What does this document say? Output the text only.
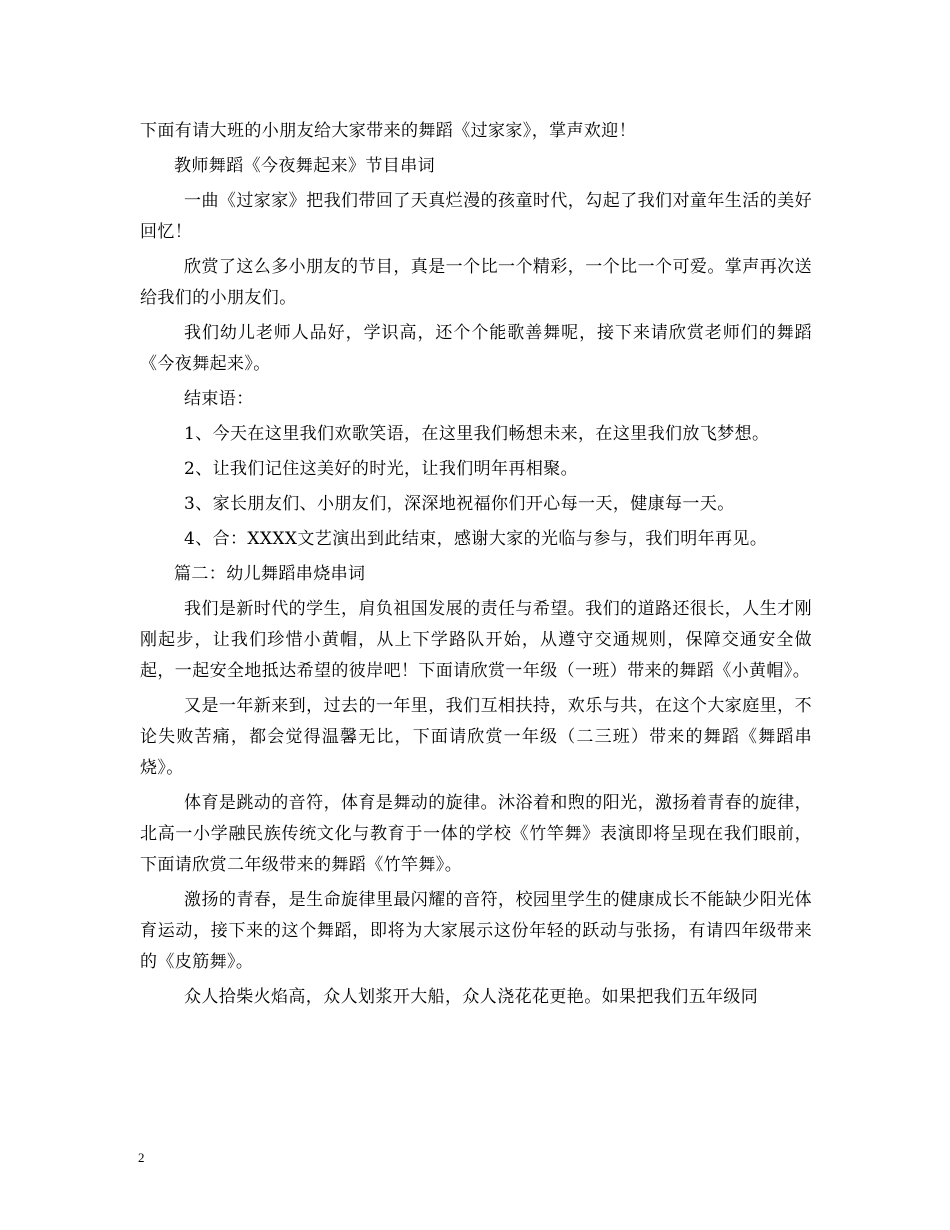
下面有请大班的小朋友给大家带来的舞蹈《过家家》，掌声欢迎！

教师舞蹈《今夜舞起来》节目串词

一曲《过家家》把我们带回了天真烂漫的孩童时代，勾起了我们对童年生活的美好回忆！

欣赏了这么多小朋友的节目，真是一个比一个精彩，一个比一个可爱。掌声再次送给我们的小朋友们。

我们幼儿老师人品好，学识高，还个个能歌善舞呢，接下来请欣赏老师们的舞蹈《今夜舞起来》。

结束语：

1、今天在这里我们欢歌笑语，在这里我们畅想未来，在这里我们放飞梦想。

2、让我们记住这美好的时光，让我们明年再相聚。

3、家长朋友们、小朋友们，深深地祝福你们开心每一天，健康每一天。

4、合：XXXX文艺演出到此结束，感谢大家的光临与参与，我们明年再见。

篇二：幼儿舞蹈串烧串词

我们是新时代的学生，肩负祖国发展的责任与希望。我们的道路还很长，人生才刚刚起步，让我们珍惜小黄帽，从上下学路队开始，从遵守交通规则，保障交通安全做起，一起安全地抵达希望的彼岸吧！下面请欣赏一年级（一班）带来的舞蹈《小黄帽》。

又是一年新来到，过去的一年里，我们互相扶持，欢乐与共，在这个大家庭里，不论失败苦痛，都会觉得温馨无比，下面请欣赏一年级（二三班）带来的舞蹈《舞蹈串烧》。

体育是跳动的音符，体育是舞动的旋律。沐浴着和煦的阳光，激扬着青春的旋律，北高一小学融民族传统文化与教育于一体的学校《竹竿舞》表演即将呈现在我们眼前，下面请欣赏二年级带来的舞蹈《竹竿舞》。

激扬的青春，是生命旋律里最闪耀的音符，校园里学生的健康成长不能缺少阳光体育运动，接下来的这个舞蹈，即将为大家展示这份年轻的跃动与张扬，有请四年级带来的《皮筋舞》。

众人拾柴火焰高，众人划浆开大船，众人浇花花更艳。如果把我们五年级同

2
